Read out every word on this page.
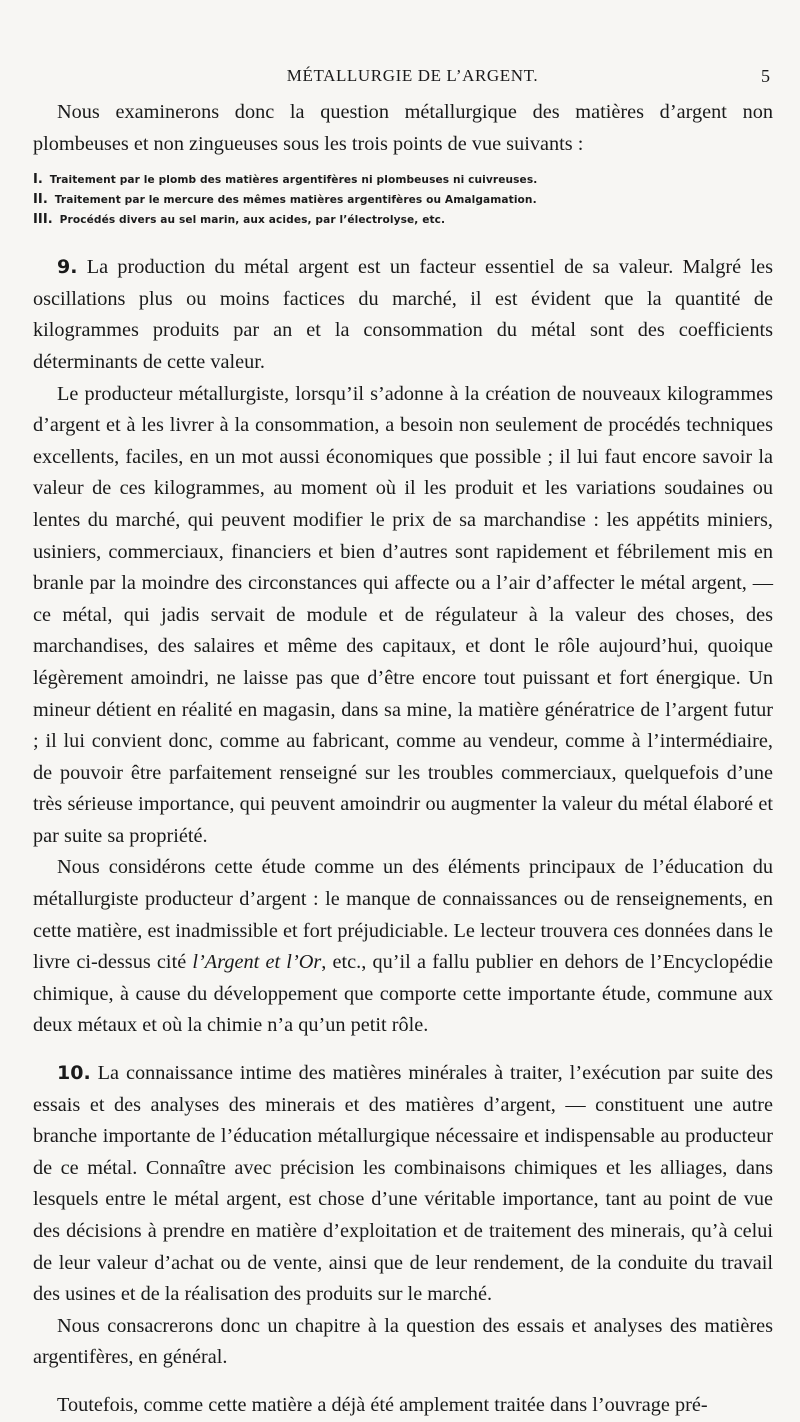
MÉTALLURGIE DE L’ARGENT.	5

Nous examinerons donc la question métallurgique des matières d’argent non plombeuses et non zingueuses sous les trois points de vue suivants :

I. Traitement par le plomb des matières argentifères ni plombeuses ni cuivreuses.
II. Traitement par le mercure des mêmes matières argentifères ou Amalgamation.
III. Procédés divers au sel marin, aux acides, par l’électrolyse, etc.

9. La production du métal argent est un facteur essentiel de sa valeur. Malgré les oscillations plus ou moins factices du marché, il est évident que la quantité de kilogrammes produits par an et la consommation du métal sont des coefficients déterminants de cette valeur.

Le producteur métallurgiste, lorsqu’il s’adonne à la création de nouveaux kilogrammes d’argent et à les livrer à la consommation, a besoin non seulement de procédés techniques excellents, faciles, en un mot aussi économiques que possible ; il lui faut encore savoir la valeur de ces kilogrammes, au moment où il les produit et les variations soudaines ou lentes du marché, qui peuvent modifier le prix de sa marchandise : les appétits miniers, usiniers, commerciaux, financiers et bien d’autres sont rapidement et fébrilement mis en branle par la moindre des circonstances qui affecte ou a l’air d’affecter le métal argent, — ce métal, qui jadis servait de module et de régulateur à la valeur des choses, des marchandises, des salaires et même des capitaux, et dont le rôle aujourd’hui, quoique légèrement amoindri, ne laisse pas que d’être encore tout puissant et fort énergique. Un mineur détient en réalité en magasin, dans sa mine, la matière génératrice de l’argent futur ; il lui convient donc, comme au fabricant, comme au vendeur, comme à l’intermédiaire, de pouvoir être parfaitement renseigné sur les troubles commerciaux, quelquefois d’une très sérieuse importance, qui peuvent amoindrir ou augmenter la valeur du métal élaboré et par suite sa propriété.

Nous considérons cette étude comme un des éléments principaux de l’éducation du métallurgiste producteur d’argent : le manque de connaissances ou de renseignements, en cette matière, est inadmissible et fort préjudiciable. Le lecteur trouvera ces données dans le livre ci-dessus cité l’Argent et l’Or, etc., qu’il a fallu publier en dehors de l’Encyclopédie chimique, à cause du développement que comporte cette importante étude, commune aux deux métaux et où la chimie n’a qu’un petit rôle.

10. La connaissance intime des matières minérales à traiter, l’exécution par suite des essais et des analyses des minerais et des matières d’argent, — constituent une autre branche importante de l’éducation métallurgique nécessaire et indispensable au producteur de ce métal. Connaître avec précision les combinaisons chimiques et les alliages, dans lesquels entre le métal argent, est chose d’une véritable importance, tant au point de vue des décisions à prendre en matière d’exploitation et de traitement des minerais, qu’à celui de leur valeur d’achat ou de vente, ainsi que de leur rendement, de la conduite du travail des usines et de la réalisation des produits sur le marché.

Nous consacrerons donc un chapitre à la question des essais et analyses des matières argentifères, en général.

Toutefois, comme cette matière a déjà été amplement traitée dans l’ouvrage pré-
